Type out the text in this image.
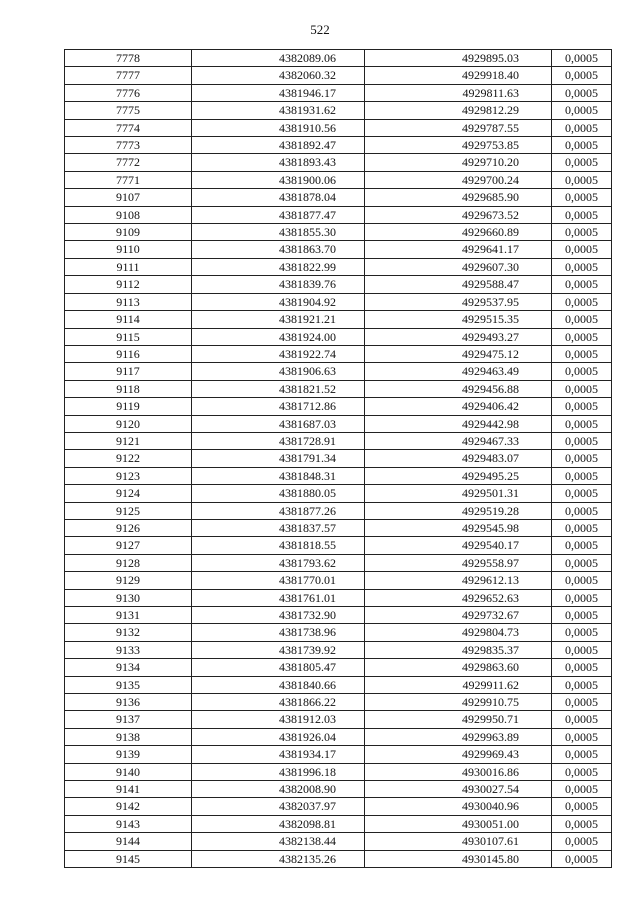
522
7778	4382089.06	4929895.03	0,0005
7777	4382060.32	4929918.40	0,0005
7776	4381946.17	4929811.63	0,0005
7775	4381931.62	4929812.29	0,0005
7774	4381910.56	4929787.55	0,0005
7773	4381892.47	4929753.85	0,0005
7772	4381893.43	4929710.20	0,0005
7771	4381900.06	4929700.24	0,0005
9107	4381878.04	4929685.90	0,0005
9108	4381877.47	4929673.52	0,0005
9109	4381855.30	4929660.89	0,0005
9110	4381863.70	4929641.17	0,0005
9111	4381822.99	4929607.30	0,0005
9112	4381839.76	4929588.47	0,0005
9113	4381904.92	4929537.95	0,0005
9114	4381921.21	4929515.35	0,0005
9115	4381924.00	4929493.27	0,0005
9116	4381922.74	4929475.12	0,0005
9117	4381906.63	4929463.49	0,0005
9118	4381821.52	4929456.88	0,0005
9119	4381712.86	4929406.42	0,0005
9120	4381687.03	4929442.98	0,0005
9121	4381728.91	4929467.33	0,0005
9122	4381791.34	4929483.07	0,0005
9123	4381848.31	4929495.25	0,0005
9124	4381880.05	4929501.31	0,0005
9125	4381877.26	4929519.28	0,0005
9126	4381837.57	4929545.98	0,0005
9127	4381818.55	4929540.17	0,0005
9128	4381793.62	4929558.97	0,0005
9129	4381770.01	4929612.13	0,0005
9130	4381761.01	4929652.63	0,0005
9131	4381732.90	4929732.67	0,0005
9132	4381738.96	4929804.73	0,0005
9133	4381739.92	4929835.37	0,0005
9134	4381805.47	4929863.60	0,0005
9135	4381840.66	4929911.62	0,0005
9136	4381866.22	4929910.75	0,0005
9137	4381912.03	4929950.71	0,0005
9138	4381926.04	4929963.89	0,0005
9139	4381934.17	4929969.43	0,0005
9140	4381996.18	4930016.86	0,0005
9141	4382008.90	4930027.54	0,0005
9142	4382037.97	4930040.96	0,0005
9143	4382098.81	4930051.00	0,0005
9144	4382138.44	4930107.61	0,0005
9145	4382135.26	4930145.80	0,0005
